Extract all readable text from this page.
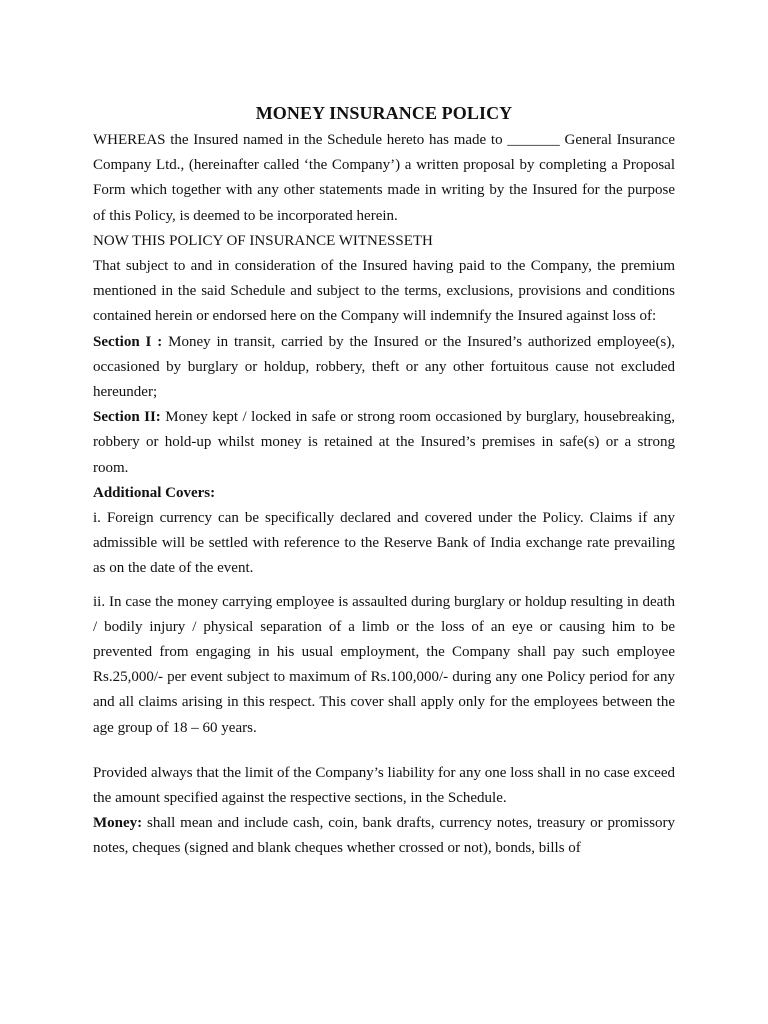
MONEY INSURANCE POLICY

WHEREAS the Insured named in the Schedule hereto has made to _______ General Insurance Company Ltd., (hereinafter called ‘the Company’) a written proposal by completing a Proposal Form which together with any other statements made in writing by the Insured for the purpose of this Policy, is deemed to be incorporated herein.

NOW THIS POLICY OF INSURANCE WITNESSETH

That subject to and in consideration of the Insured having paid to the Company, the premium mentioned in the said Schedule and subject to the terms, exclusions, provisions and conditions contained herein or endorsed here on the Company will indemnify the Insured against loss of:

Section I : Money in transit, carried by the Insured or the Insured’s authorized employee(s), occasioned by burglary or holdup, robbery, theft or any other fortuitous cause not excluded hereunder;

Section II: Money kept / locked in safe or strong room occasioned by burglary, housebreaking, robbery or hold-up whilst money is retained at the Insured’s premises in safe(s) or a strong room.

Additional Covers:

i. Foreign currency can be specifically declared and covered under the Policy. Claims if any admissible will be settled with reference to the Reserve Bank of India exchange rate prevailing as on the date of the event.

ii. In case the money carrying employee is assaulted during burglary or holdup resulting in death / bodily injury / physical separation of a limb or the loss of an eye or causing him to be prevented from engaging in his usual employment, the Company shall pay such employee Rs.25,000/- per event subject to maximum of Rs.100,000/- during any one Policy period for any and all claims arising in this respect. This cover shall apply only for the employees between the age group of 18 – 60 years.

Provided always that the limit of the Company’s liability for any one loss shall in no case exceed the amount specified against the respective sections, in the Schedule.

Money: shall mean and include cash, coin, bank drafts, currency notes, treasury or promissory notes, cheques (signed and blank cheques whether crossed or not), bonds, bills of
